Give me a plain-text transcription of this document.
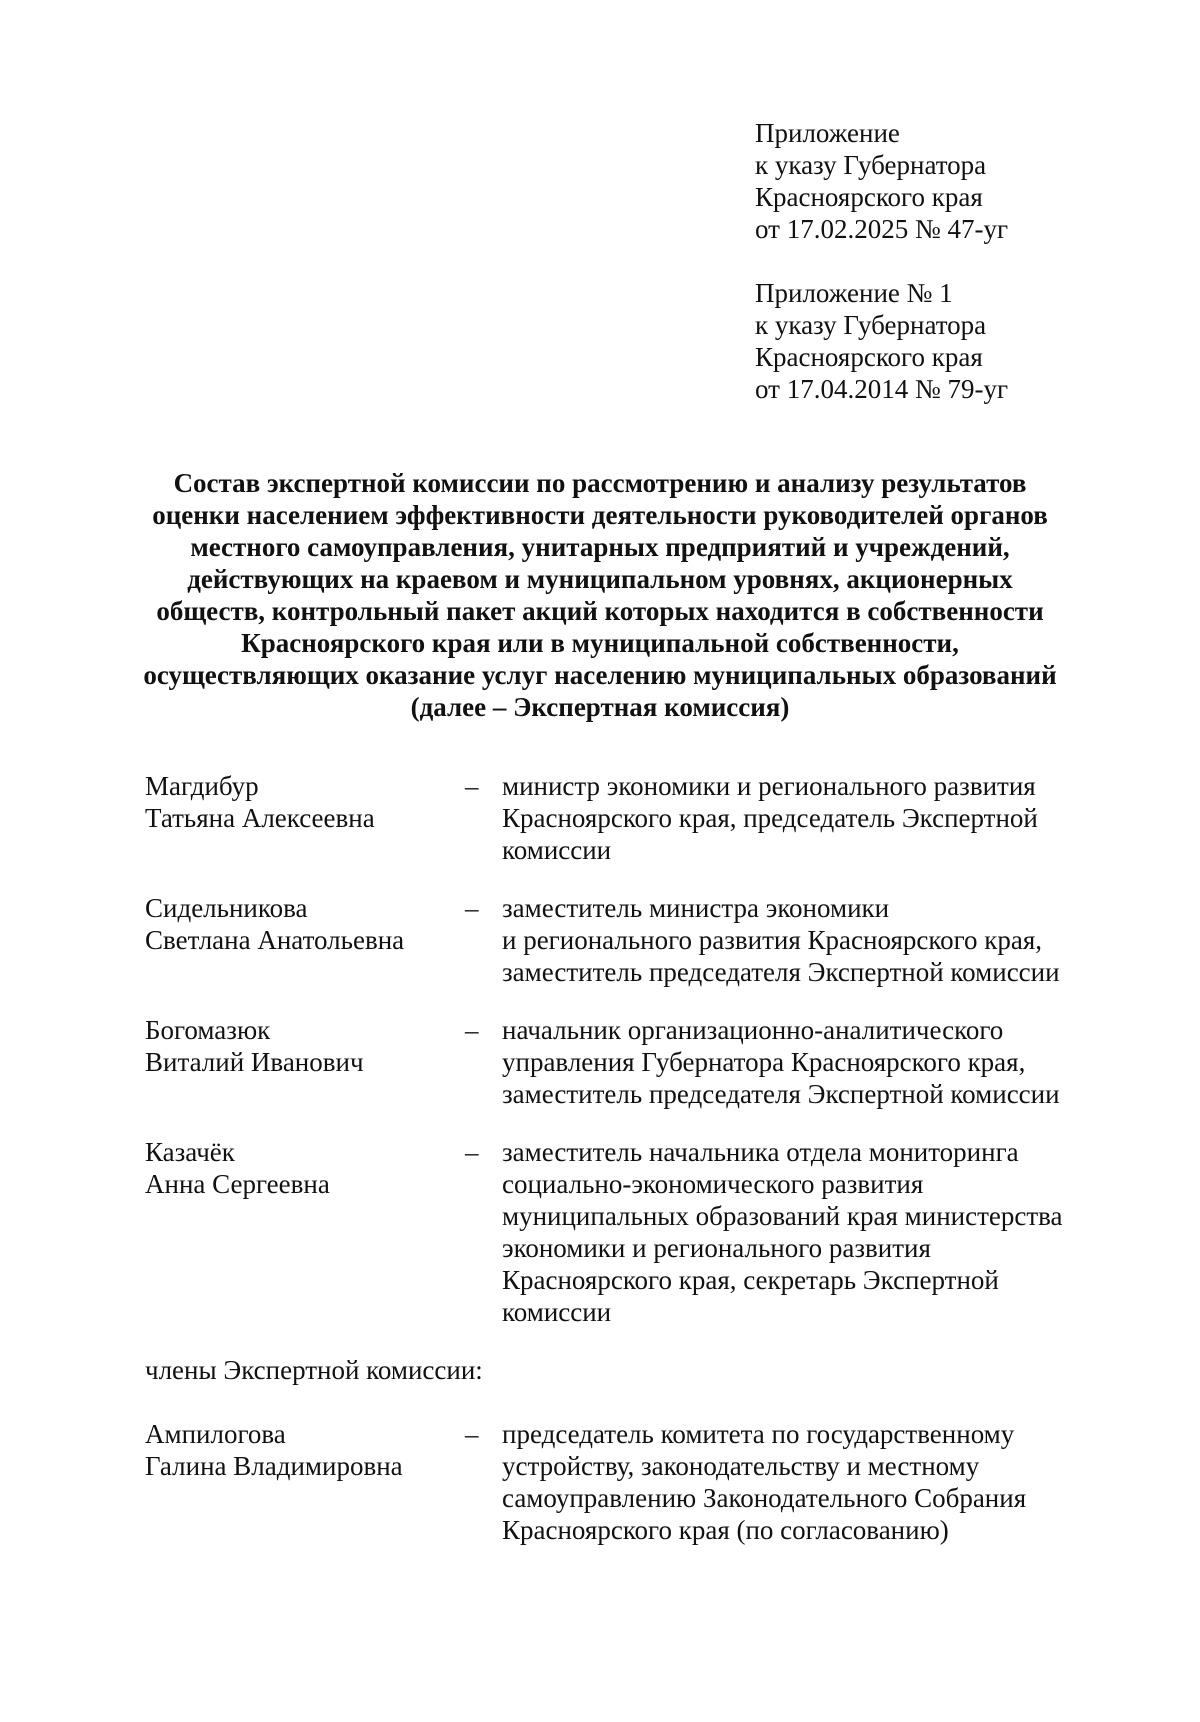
Приложение
к указу Губернатора
Красноярского края
от 17.02.2025 № 47-уг
Приложение № 1
к указу Губернатора
Красноярского края
от 17.04.2014 № 79-уг
Состав экспертной комиссии по рассмотрению и анализу результатов
оценки населением эффективности деятельности руководителей органов
местного самоуправления, унитарных предприятий и учреждений,
действующих на краевом и муниципальном уровнях, акционерных
обществ, контрольный пакет акций которых находится в собственности
Красноярского края или в муниципальной собственности,
осуществляющих оказание услуг населению муниципальных образований
(далее – Экспертная комиссия)
Магдибур
Татьяна Алексеевна
– министр экономики и регионального развития
Красноярского края, председатель Экспертной
комиссии
Сидельникова
Светлана Анатольевна
– заместитель министра экономики
и регионального развития Красноярского края,
заместитель председателя Экспертной комиссии
Богомазюк
Виталий Иванович
– начальник организационно-аналитического
управления Губернатора Красноярского края,
заместитель председателя Экспертной комиссии
Казачёк
Анна Сергеевна
– заместитель начальника отдела мониторинга
социально-экономического развития
муниципальных образований края министерства
экономики и регионального развития
Красноярского края, секретарь Экспертной
комиссии
члены Экспертной комиссии:
Ампилогова
Галина Владимировна
– председатель комитета по государственному
устройству, законодательству и местному
самоуправлению Законодательного Собрания
Красноярского края (по согласованию)
